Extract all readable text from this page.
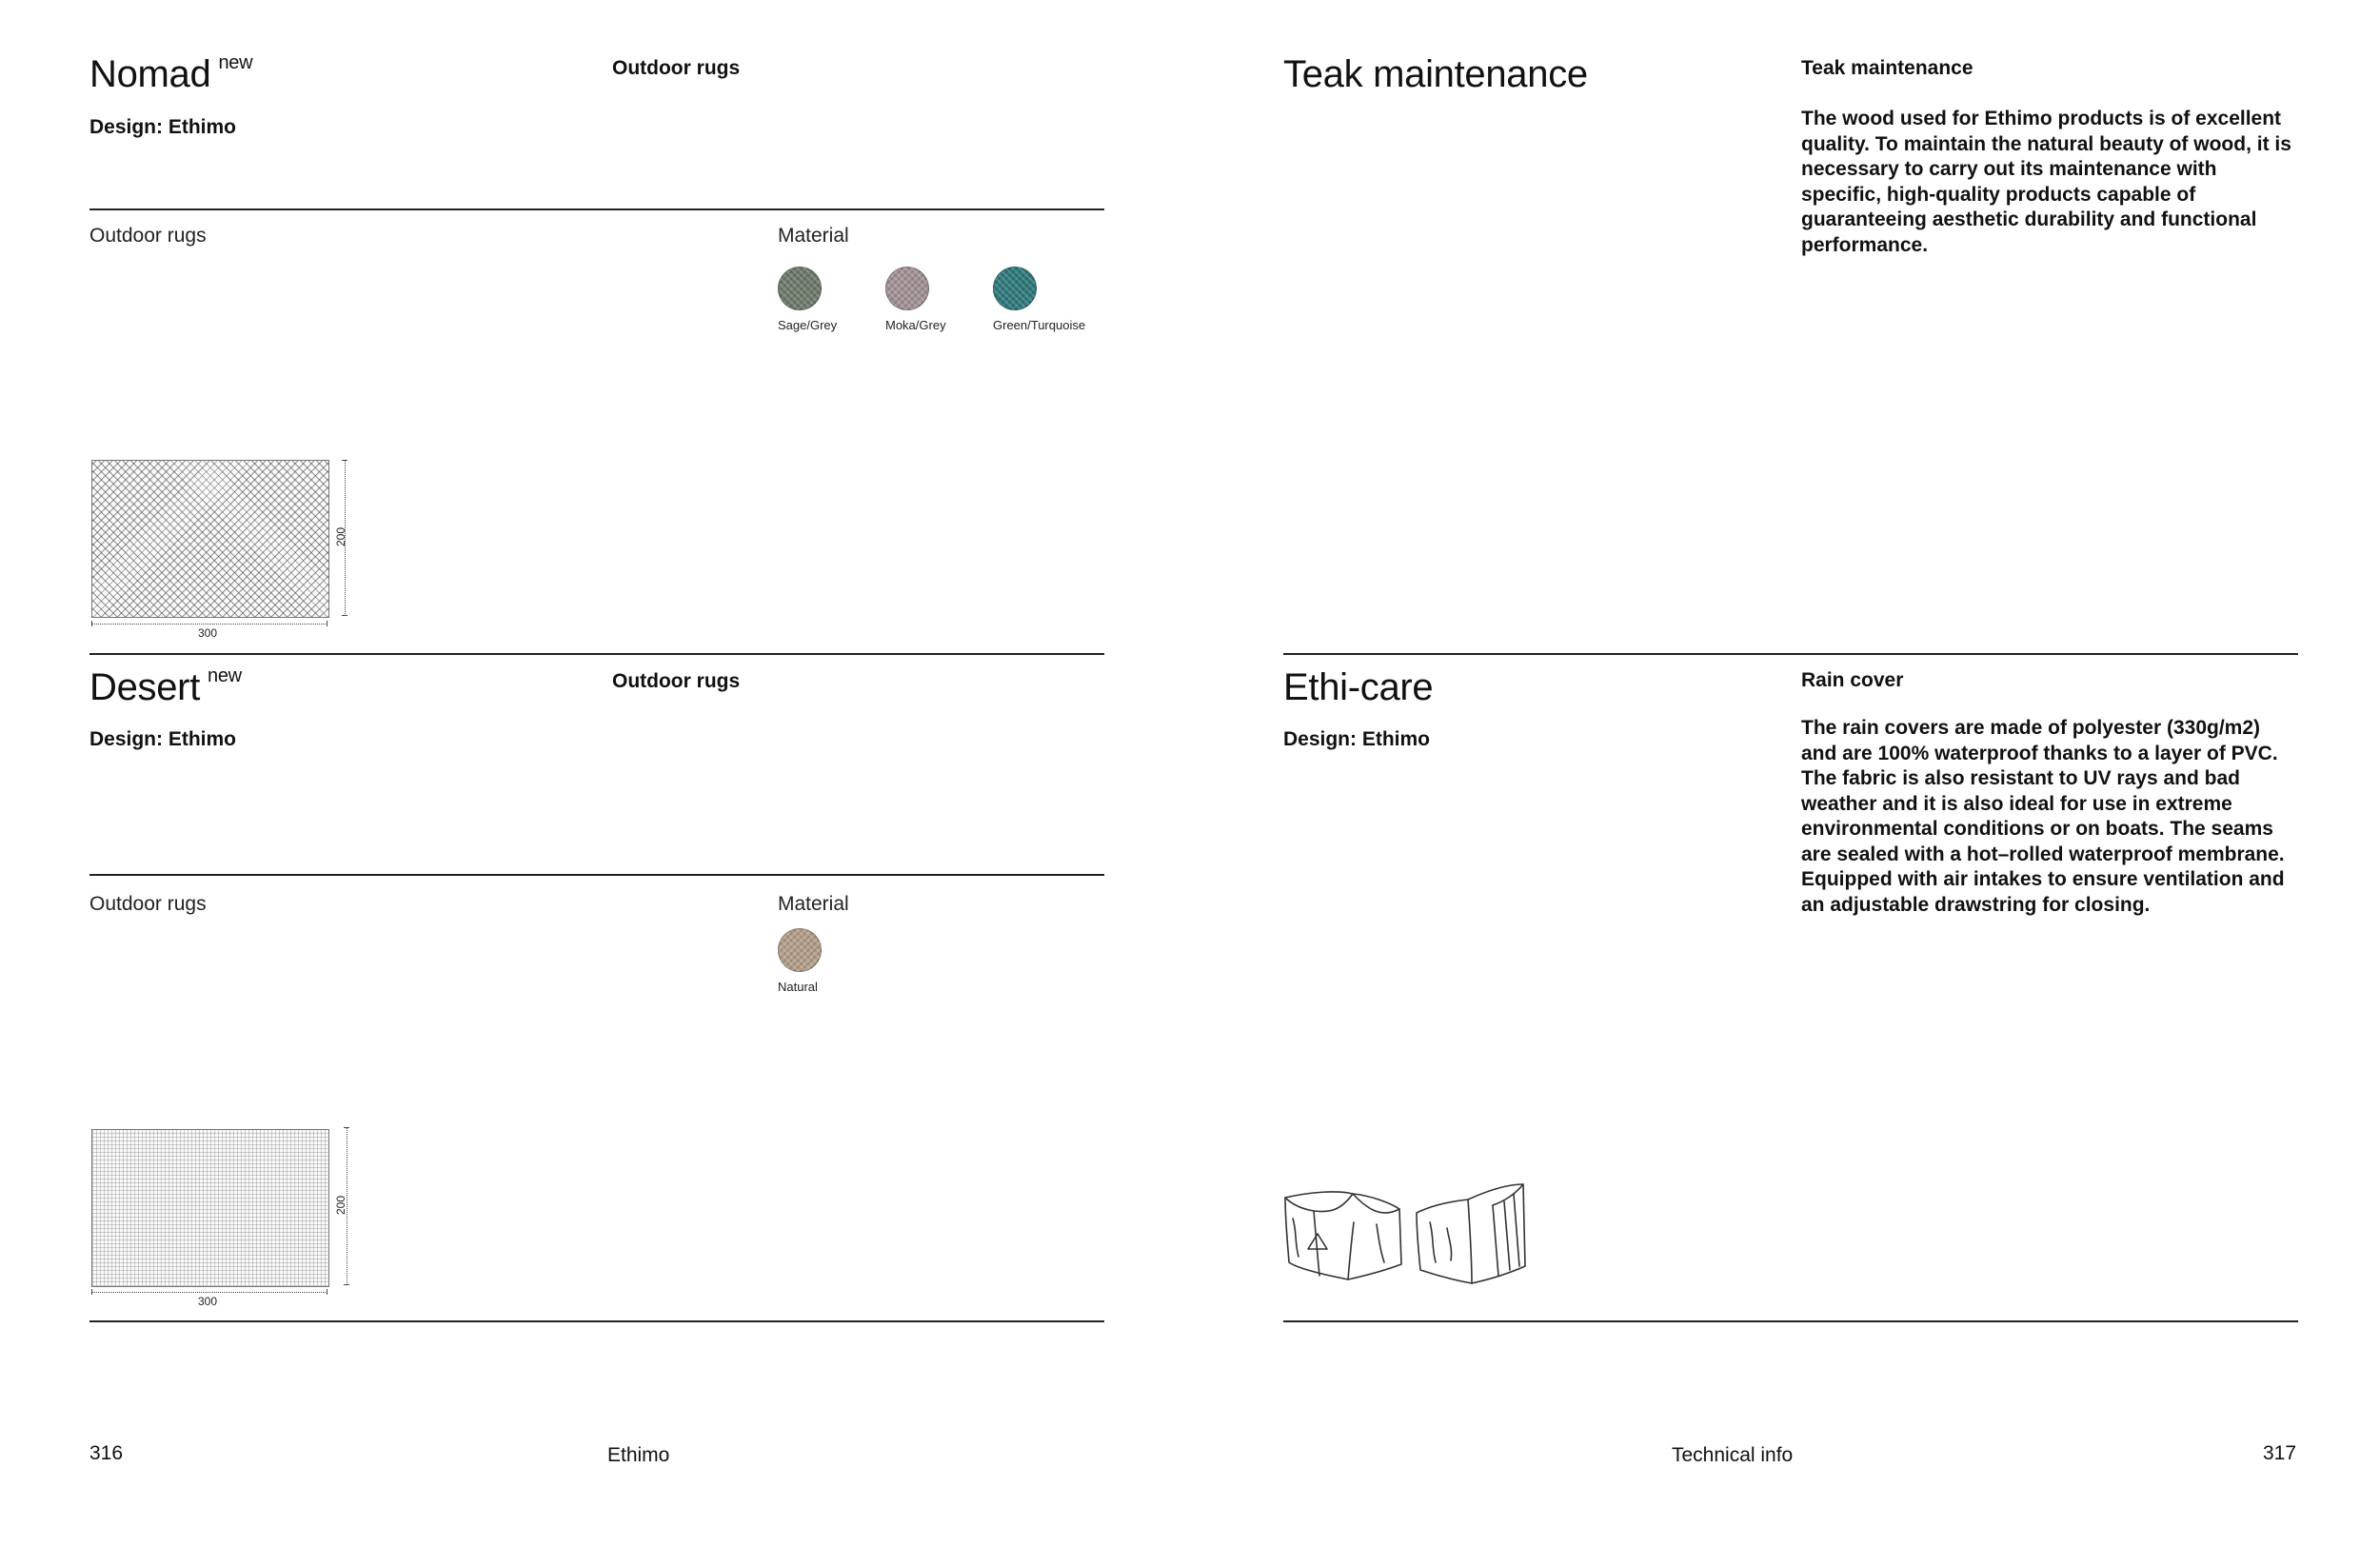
Nomad $^{new}$	Outdoor rugs
Design: Ethimo
Outdoor rugs	Material
Sage/Grey	Moka/Grey	Green/Turquoise
300
200
Desert $^{new}$	Outdoor rugs
Design: Ethimo
Outdoor rugs	Material
Natural
300
200
316	Ethimo
Teak maintenance	Teak maintenance
The wood used for Ethimo products is of excellent quality. To maintain the natural beauty of wood, it is necessary to carry out its maintenance with specific, high-quality products capable of guaranteeing aesthetic durability and functional performance.
Ethi-care
Design: Ethimo
Rain cover
The rain covers are made of polyester (330g/m2) and are 100% waterproof thanks to a layer of PVC. The fabric is also resistant to UV rays and bad weather and it is also ideal for use in extreme environmental conditions or on boats. The seams are sealed with a hot–rolled waterproof membrane. Equipped with air intakes to ensure ventilation and an adjustable drawstring for closing.
Technical info	317
